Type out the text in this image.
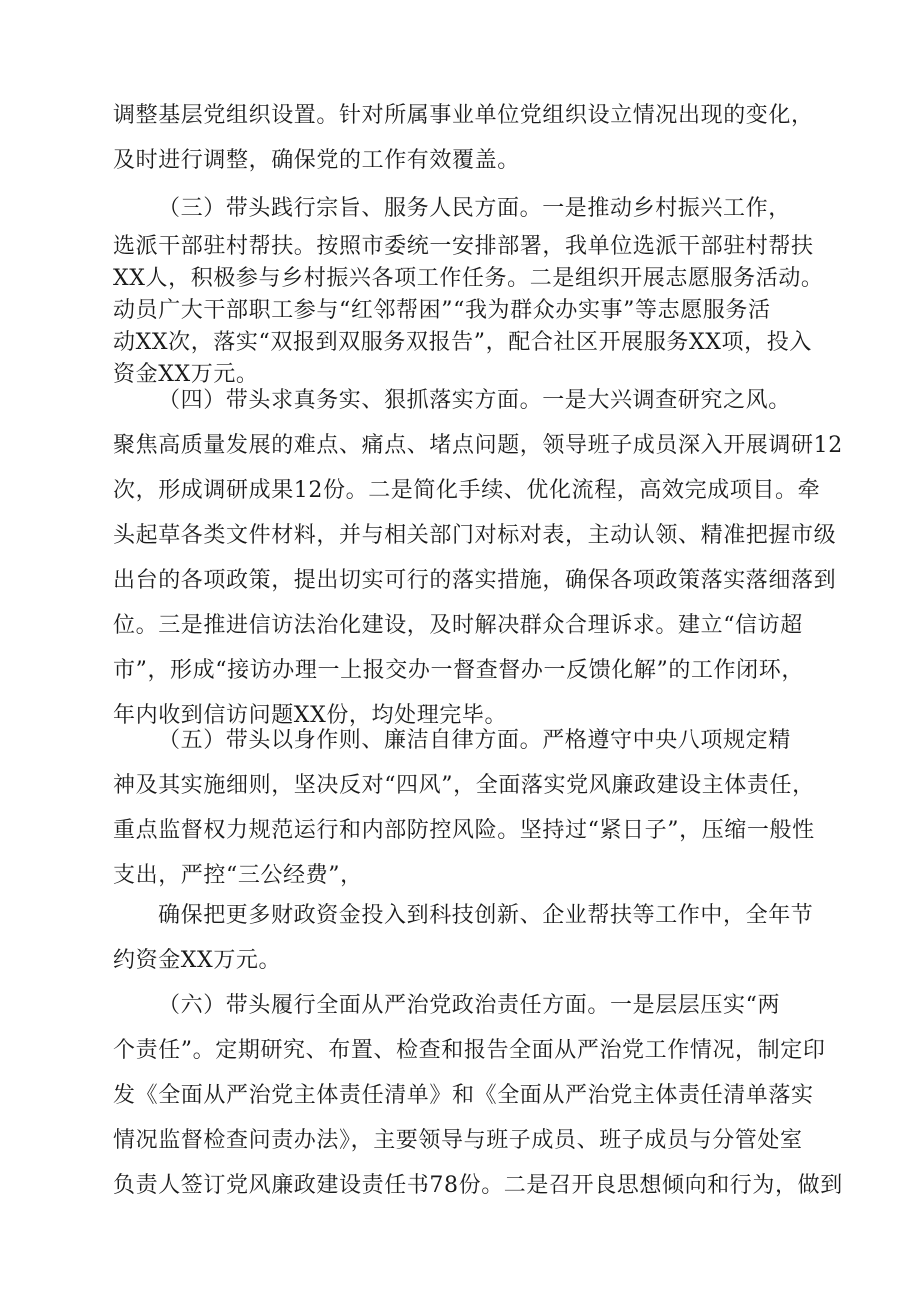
调整基层党组织设置。针对所属事业单位党组织设立情况出现的变化，
及时进行调整，确保党的工作有效覆盖。
（三）带头践行宗旨、服务人民方面。一是推动乡村振兴工作，
选派干部驻村帮扶。按照市委统一安排部署，我单位选派干部驻村帮扶
XX人，积极参与乡村振兴各项工作任务。二是组织开展志愿服务活动。
动员广大干部职工参与“红邻帮困”“我为群众办实事”等志愿服务活
动XX次，落实“双报到双服务双报告”，配合社区开展服务XX项，投入
资金XX万元。
（四）带头求真务实、狠抓落实方面。一是大兴调查研究之风。
聚焦高质量发展的难点、痛点、堵点问题，领导班子成员深入开展调研12
次，形成调研成果12份。二是简化手续、优化流程，高效完成项目。牵
头起草各类文件材料，并与相关部门对标对表，主动认领、精准把握市级
出台的各项政策，提出切实可行的落实措施，确保各项政策落实落细落到
位。三是推进信访法治化建设，及时解决群众合理诉求。建立“信访超
市”，形成“接访办理一上报交办一督查督办一反馈化解”的工作闭环，
年内收到信访问题XX份，均处理完毕。
（五）带头以身作则、廉洁自律方面。严格遵守中央八项规定精
神及其实施细则，坚决反对“四风”，全面落实党风廉政建设主体责任，
重点监督权力规范运行和内部防控风险。坚持过“紧日子”，压缩一般性
支出，严控“三公经费”，
确保把更多财政资金投入到科技创新、企业帮扶等工作中，全年节
约资金XX万元。
（六）带头履行全面从严治党政治责任方面。一是层层压实“两
个责任”。定期研究、布置、检查和报告全面从严治党工作情况，制定印
发《全面从严治党主体责任清单》和《全面从严治党主体责任清单落实
情况监督检查问责办法》，主要领导与班子成员、班子成员与分管处室
负责人签订党风廉政建设责任书78份。二是召开良思想倾向和行为，做到
